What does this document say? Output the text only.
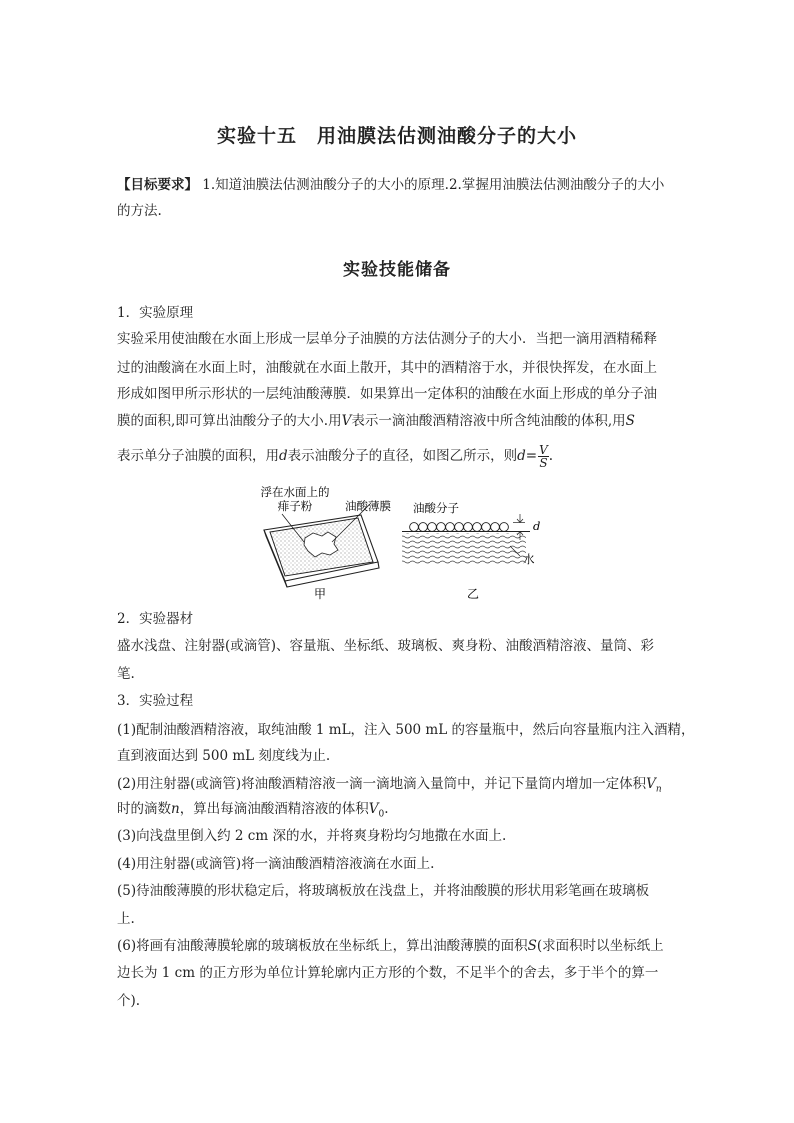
实验十五　用油膜法估测油酸分子的大小
【目标要求】 1.知道油膜法估测油酸分子的大小的原理.2.掌握用油膜法估测油酸分子的大小
的方法.
实验技能储备
1．实验原理
实验采用使油酸在水面上形成一层单分子油膜的方法估测分子的大小．当把一滴用酒精稀释
过的油酸滴在水面上时，油酸就在水面上散开，其中的酒精溶于水，并很快挥发，在水面上
形成如图甲所示形状的一层纯油酸薄膜．如果算出一定体积的油酸在水面上形成的单分子油
膜的面积,即可算出油酸分子的大小.用V表示一滴油酸酒精溶液中所含纯油酸的体积,用S
表示单分子油膜的面积，用d表示油酸分子的直径，如图乙所示，则$d= \frac{V}{S}$ .
浮在水面上的
痱子粉	油酸薄膜
甲
油酸分子
d
水
乙
2．实验器材
盛水浅盘、注射器(或滴管)、容量瓶、坐标纸、玻璃板、爽身粉、油酸酒精溶液、量筒、彩
笔.
3．实验过程
(1)配制油酸酒精溶液，取纯油酸 1 mL，注入 500 mL 的容量瓶中，然后向容量瓶内注入酒精，
直到液面达到 500 mL 刻度线为止.
(2)用注射器(或滴管)将油酸酒精溶液一滴一滴地滴入量筒中，并记下量筒内增加一定体积$V_n$
时的滴数n，算出每滴油酸酒精溶液的体积$V_0$.
(3)向浅盘里倒入约 2 cm 深的水，并将爽身粉均匀地撒在水面上.
(4)用注射器(或滴管)将一滴油酸酒精溶液滴在水面上.
(5)待油酸薄膜的形状稳定后，将玻璃板放在浅盘上，并将油酸膜的形状用彩笔画在玻璃板
上.
(6)将画有油酸薄膜轮廓的玻璃板放在坐标纸上，算出油酸薄膜的面积S(求面积时以坐标纸上
边长为 1 cm 的正方形为单位计算轮廓内正方形的个数，不足半个的舍去，多于半个的算一
个).
